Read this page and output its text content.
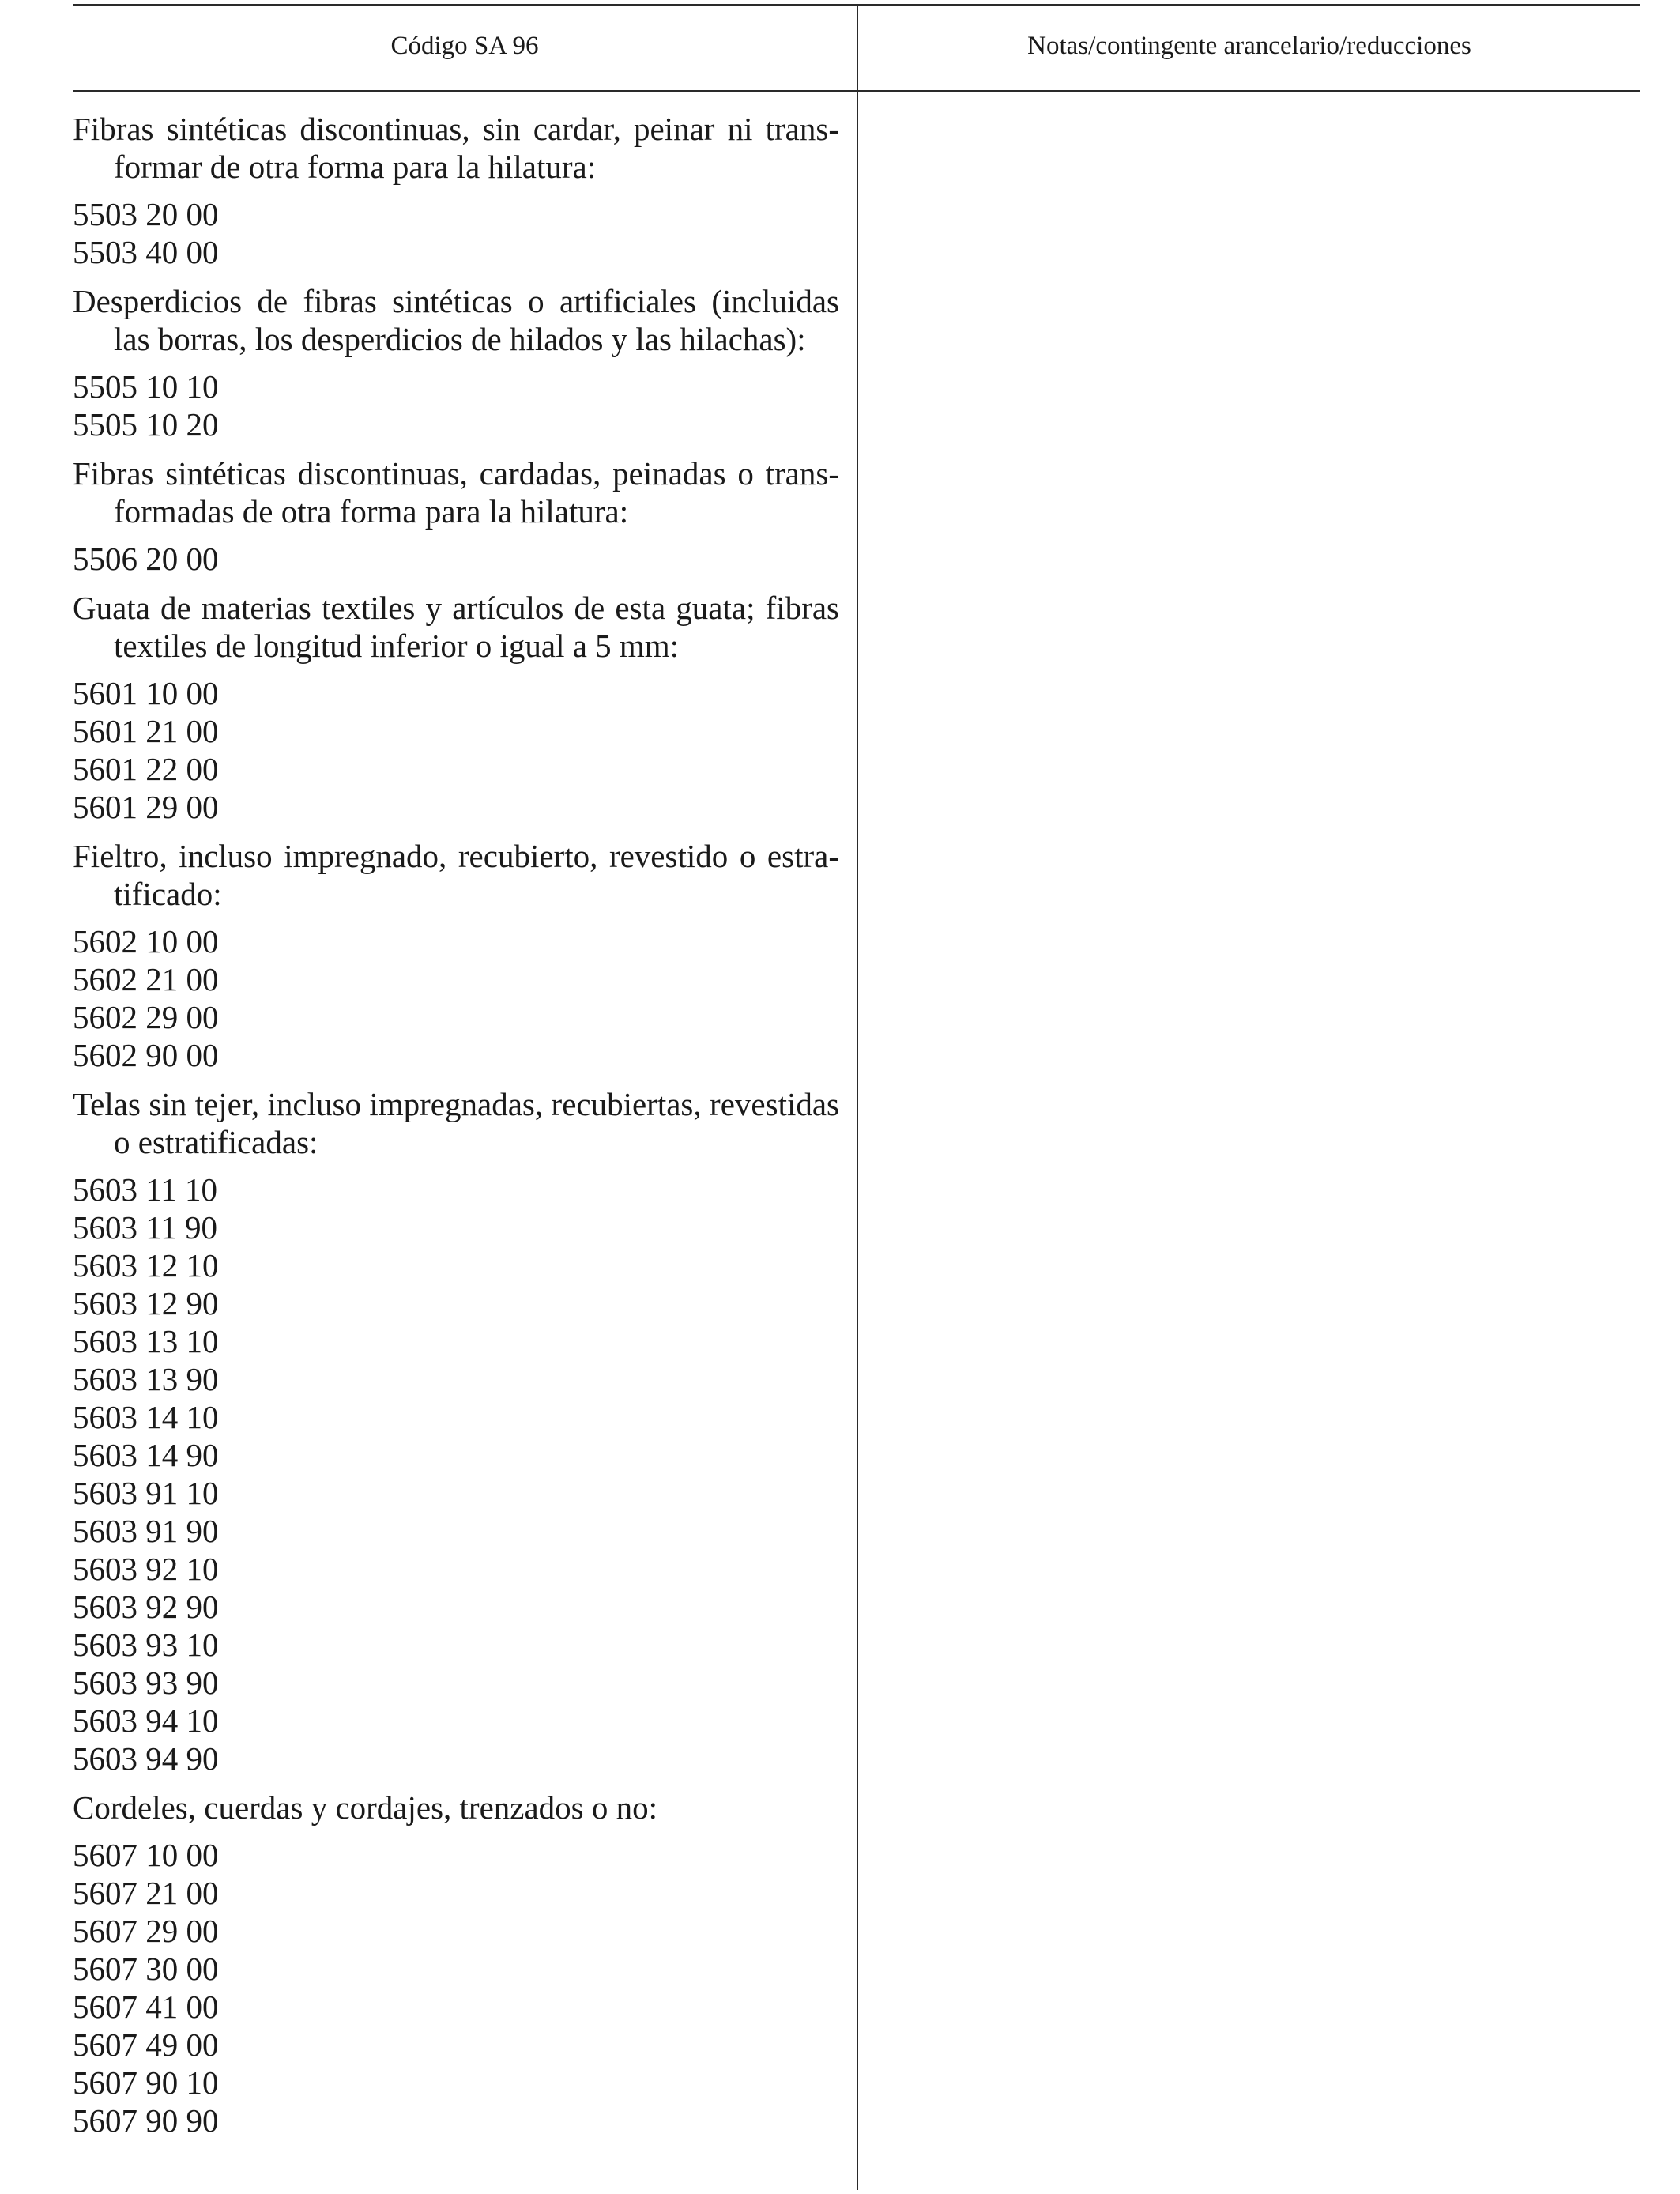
Código SA 96	Notas/contingente arancelario/reducciones
Fibras sintéticas discontinuas, sin cardar, peinar ni transformar de otra forma para la hilatura:
5503 20 00
5503 40 00
Desperdicios de fibras sintéticas o artificiales (incluidas las borras, los desperdicios de hilados y las hilachas):
5505 10 10
5505 10 20
Fibras sintéticas discontinuas, cardadas, peinadas o transformadas de otra forma para la hilatura:
5506 20 00
Guata de materias textiles y artículos de esta guata; fibras textiles de longitud inferior o igual a 5 mm:
5601 10 00
5601 21 00
5601 22 00
5601 29 00
Fieltro, incluso impregnado, recubierto, revestido o estratificado:
5602 10 00
5602 21 00
5602 29 00
5602 90 00
Telas sin tejer, incluso impregnadas, recubiertas, revestidas o estratificadas:
5603 11 10
5603 11 90
5603 12 10
5603 12 90
5603 13 10
5603 13 90
5603 14 10
5603 14 90
5603 91 10
5603 91 90
5603 92 10
5603 92 90
5603 93 10
5603 93 90
5603 94 10
5603 94 90
Cordeles, cuerdas y cordajes, trenzados o no:
5607 10 00
5607 21 00
5607 29 00
5607 30 00
5607 41 00
5607 49 00
5607 90 10
5607 90 90
